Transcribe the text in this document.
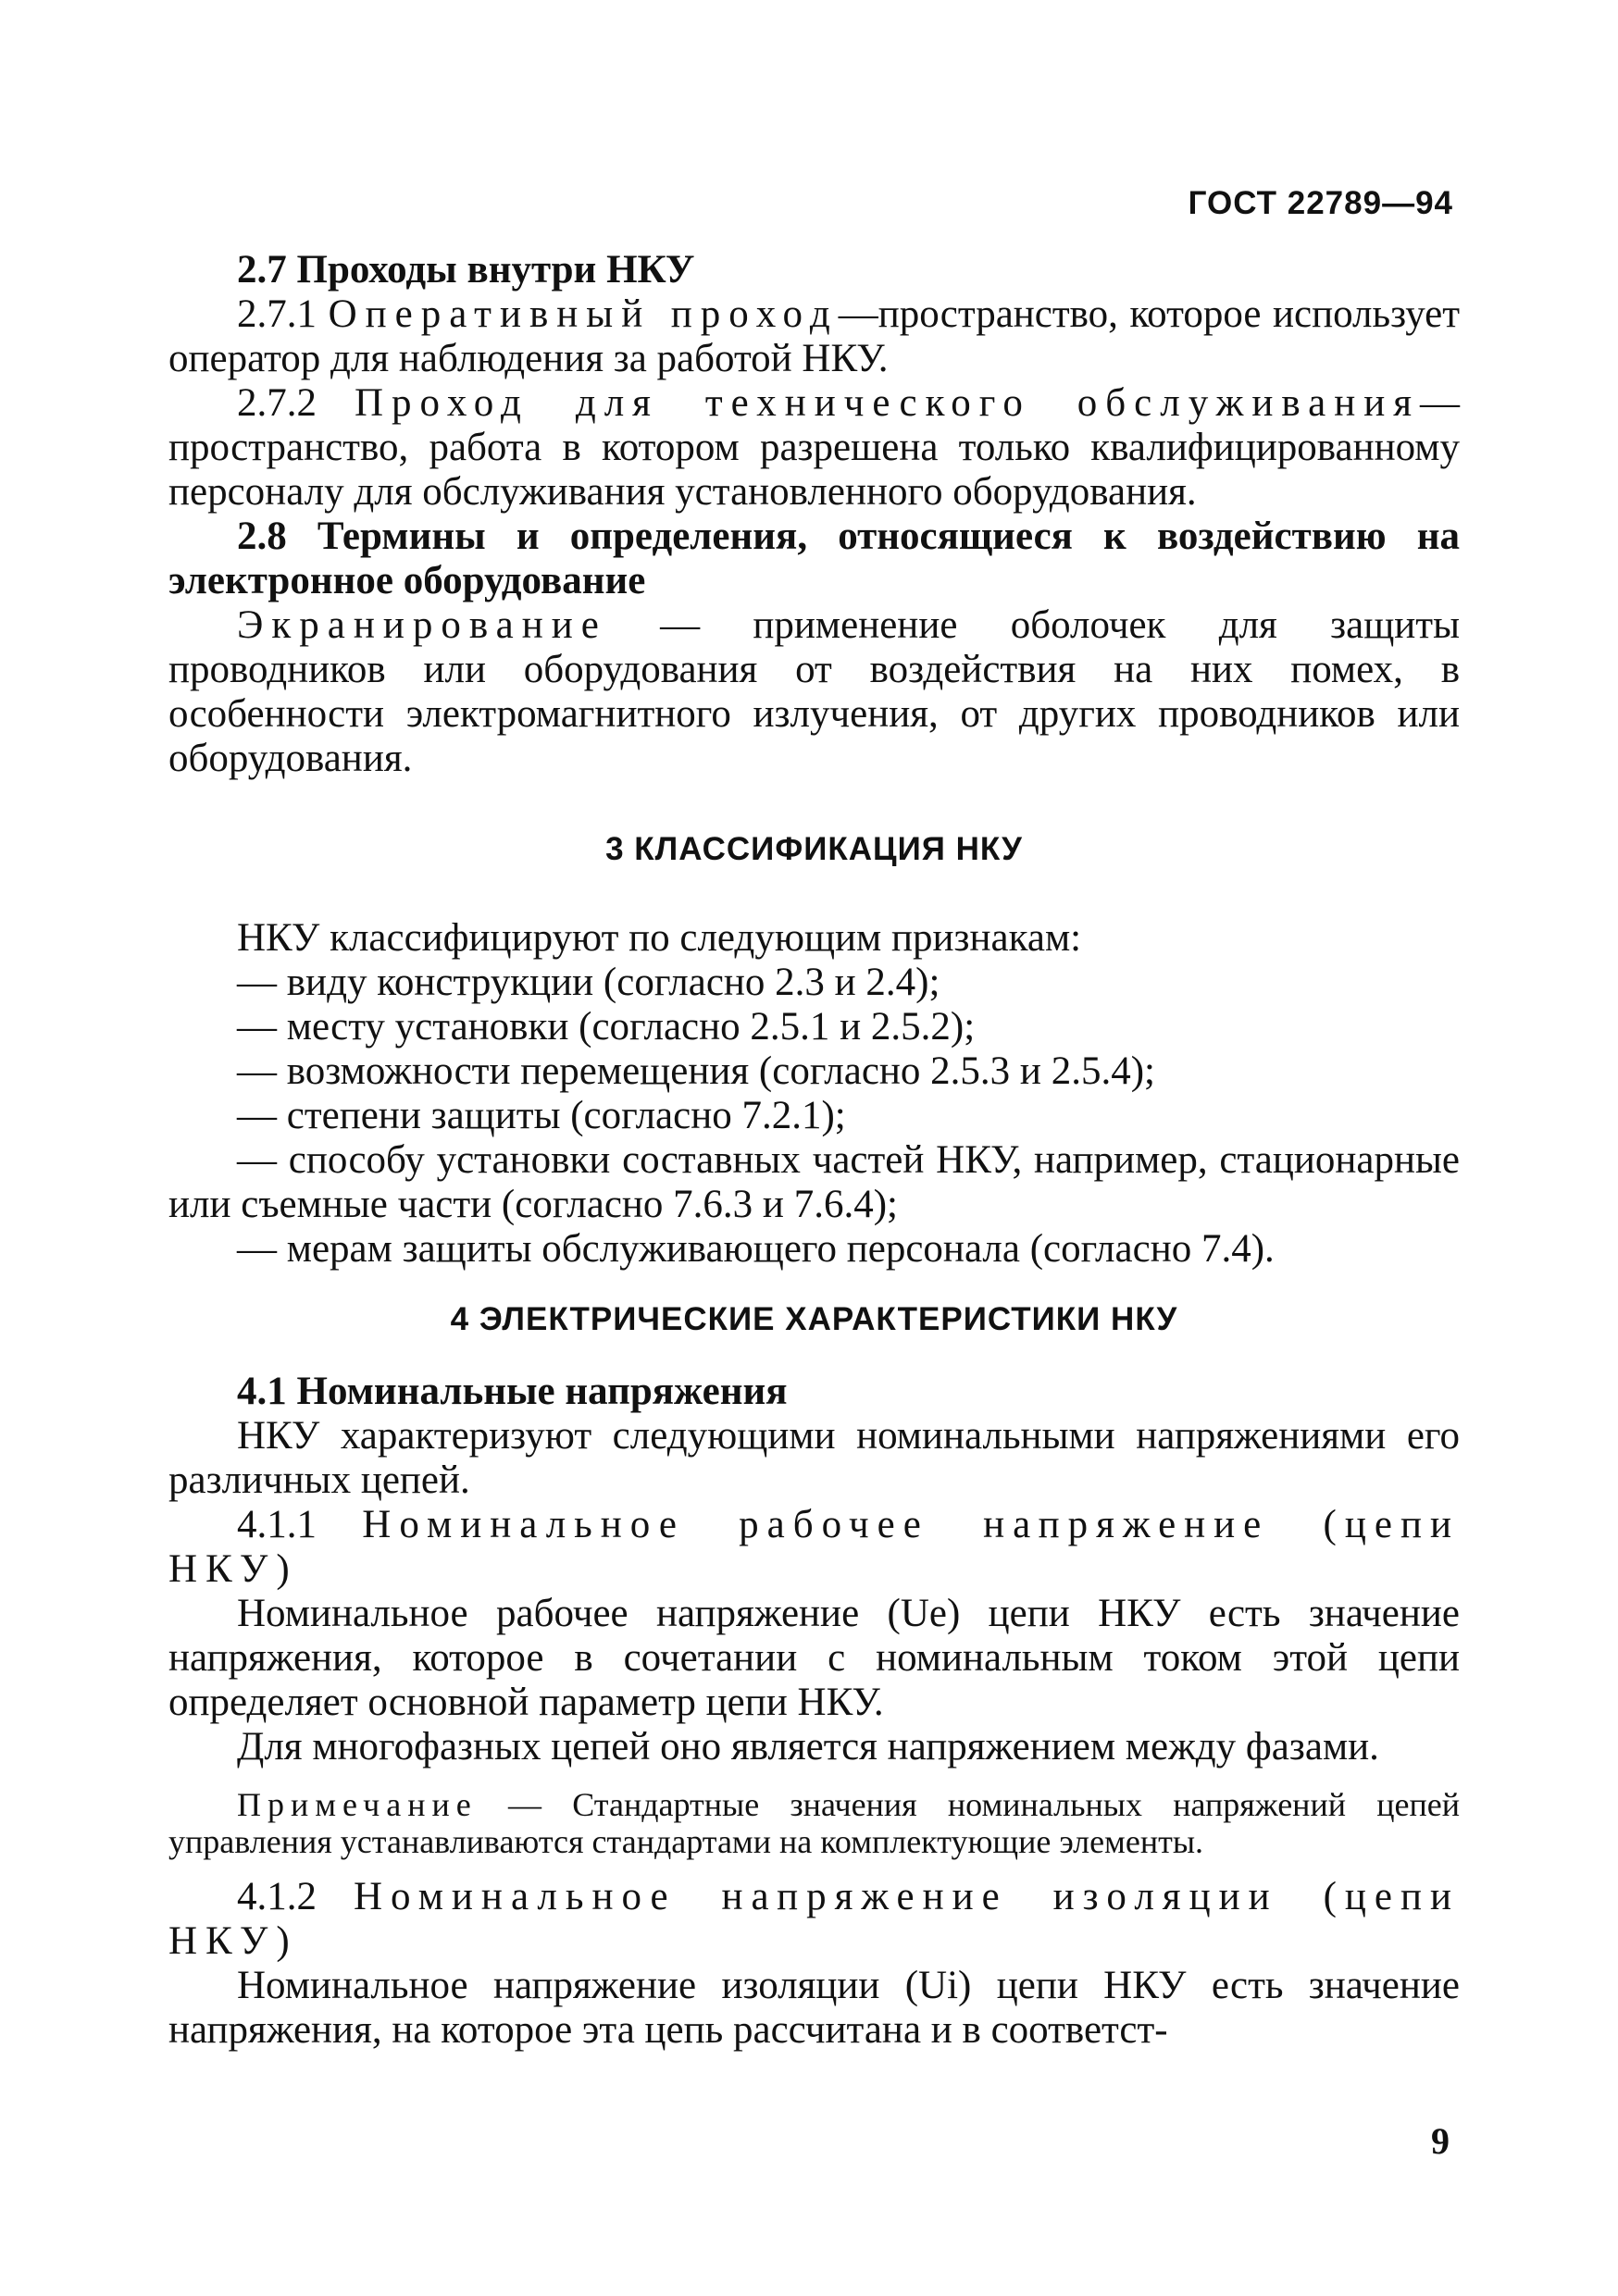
ГОСТ 22789—94

2.7 Проходы внутри НКУ

2.7.1 Оперативный проход—пространство, которое использует оператор для наблюдения за работой НКУ.

2.7.2 Проход для технического обслуживания—пространство, работа в котором разрешена только квалифицированному персоналу для обслуживания установленного оборудования.

2.8 Термины и определения, относящиеся к воздействию на электронное оборудование

Экранирование — применение оболочек для защиты проводников или оборудования от воздействия на них помех, в особенности электромагнитного излучения, от других проводников или оборудования.

3 КЛАССИФИКАЦИЯ НКУ

НКУ классифицируют по следующим признакам:

— виду конструкции (согласно 2.3 и 2.4);

— месту установки (согласно 2.5.1 и 2.5.2);

— возможности перемещения (согласно 2.5.3 и 2.5.4);

— степени защиты (согласно 7.2.1);

— способу установки составных частей НКУ, например, стационарные или съемные части (согласно 7.6.3 и 7.6.4);

— мерам защиты обслуживающего персонала (согласно 7.4).

4 ЭЛЕКТРИЧЕСКИЕ ХАРАКТЕРИСТИКИ НКУ

4.1 Номинальные напряжения

НКУ характеризуют следующими номинальными напряжениями его различных цепей.

4.1.1 Номинальное рабочее напряжение (цепи НКУ)

Номинальное рабочее напряжение (Ue) цепи НКУ есть значение напряжения, которое в сочетании с номинальным током этой цепи определяет основной параметр цепи НКУ.

Для многофазных цепей оно является напряжением между фазами.

Примечание — Стандартные значения номинальных напряжений цепей управления устанавливаются стандартами на комплектующие элементы.

4.1.2 Номинальное напряжение изоляции (цепи НКУ)

Номинальное напряжение изоляции (Ui) цепи НКУ есть значение напряжения, на которое эта цепь рассчитана и в соответст-

9
